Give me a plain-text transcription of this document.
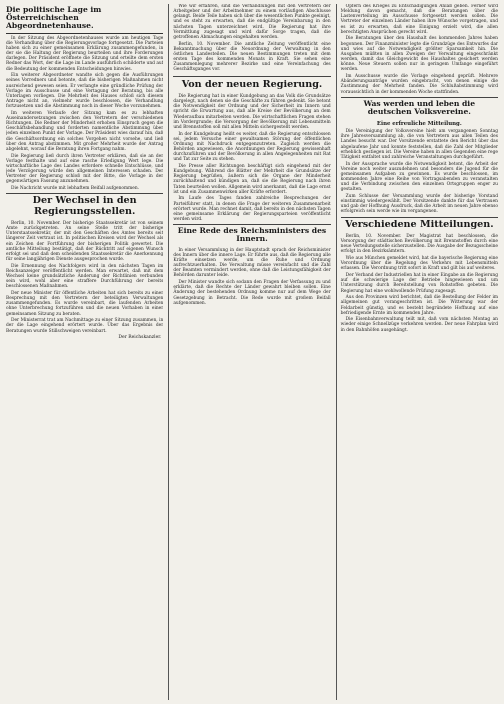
Die politische Lage im Österreichischen Abgeordnetenhause.

In der Sitzung des Abgeordnetenhauses wurde am heutigen Tage die Verhandlung über die Regierungsvorlage fortgesetzt. Die Parteien haben sich zu einer gemeinsamen Erklärung zusammengefunden, in der sie die Haltung der Regierung beurteilen und ihre Forderungen darlegen. Der Präsident eröffnete die Sitzung und erteilte dem ersten Redner das Wort, der die Lage im Lande ausführlich schilderte und auf die Bedeutung der kommenden Entscheidungen hinwies.

Ein weiterer Abgeordneter wandte sich gegen die Ausführungen seines Vorredners und betonte, daß die bisherigen Maßnahmen nicht ausreichend gewesen seien. Er verlangte eine gründliche Prüfung der Vorlage im Ausschusse und eine Vertagung der Beratung, bis alle Unterlagen vorliegen. Die Mehrheit des Hauses schloß sich diesem Antrage nicht an, vielmehr wurde beschlossen, die Verhandlung fortzusetzen und die Abstimmung noch in dieser Woche vorzunehmen.

Im weiteren Verlaufe der Sitzung kam es zu lebhaften Auseinandersetzungen zwischen den Vertretern der verschiedenen Richtungen. Die Redner der Minderheit erhoben Einspruch gegen die Geschäftsbehandlung und forderten namentliche Abstimmung über jeden einzelnen Punkt der Vorlage. Der Präsident wies darauf hin, daß die Geschäftsordnung ein solches Vorgehen nicht vorsehe, und ließ über den Antrag abstimmen. Mit großer Mehrheit wurde der Antrag abgelehnt, worauf die Beratung ihren Fortgang nahm.

Die Regierung ließ durch ihren Vertreter erklären, daß sie an der Vorlage festhalte und auf eine rasche Erledigung Wert lege. Die wirtschaftliche Lage des Landes erfordere schnelle Entschlüsse, und jede Verzögerung würde den allgemeinen Interessen schaden. Der Vertreter der Regierung schloß mit der Bitte, die Vorlage in der gegenwärtigen Fassung anzunehmen.

Die Nachricht wurde mit lebhaftem Beifall aufgenommen.

Der Wechsel in den Regierungsstellen.

Berlin, 10. November. Der bisherige Staatssekretär ist von seinem Amte zurückgetreten. An seine Stelle tritt der bisherige Unterstaatssekretär, der mit den Geschäften des Amtes bereits seit längerer Zeit vertraut ist. In politischen Kreisen wird der Wechsel als ein Zeichen der Fortführung der bisherigen Politik gewertet. Die amtliche Mitteilung bestätigt, daß der Rücktritt auf eigenen Wunsch erfolgt sei und daß dem scheidenden Staatssekretär die Anerkennung für seine langjährigen Dienste ausgesprochen wurde.

Die Ernennung des Nachfolgers wird in den nächsten Tagen im Reichsanzeiger veröffentlicht werden. Man erwartet, daß mit dem Wechsel keine grundsätzliche Änderung der Richtlinien verbunden sein wird, wohl aber eine straffere Durchführung der bereits beschlossenen Maßnahmen.

Der neue Minister für öffentliche Arbeiten hat sich bereits zu einer Besprechung mit den Vertretern der beteiligten Verwaltungen zusammengefunden. Es wurde vereinbart, die laufenden Arbeiten ohne Unterbrechung fortzuführen und die neuen Vorhaben in einer gemeinsamen Sitzung zu beraten.

Der Ministerrat trat am Nachmittage zu einer Sitzung zusammen, in der die Lage eingehend erörtert wurde. Über das Ergebnis der Beratungen wurde Stillschweigen vereinbart.

Der Reichskanzler.

Wie wir erfahren, sind die Verhandlungen mit den Vertretern der Arbeitgeber und der Arbeitnehmer zu einem vorläufigen Abschlusse gelangt. Beide Teile haben sich über die wesentlichen Punkte geeinigt, und es steht zu erwarten, daß die endgültige Vereinbarung in den nächsten Tagen unterzeichnet wird. Die Regierung hat ihre Vermittlung zugesagt und wird dafür Sorge tragen, daß die getroffenen Abmachungen eingehalten werden.

Berlin, 10. November. Die amtliche Zeitung veröffentlicht eine Bekanntmachung über die Neuordnung der Verwaltung in den östlichen Landesteilen. Die neuen Bestimmungen treten mit dem ersten Tage des kommenden Monats in Kraft. Sie sehen eine Zusammenlegung mehrerer Bezirke und eine Vereinfachung des Geschäftsganges vor.

Von der neuen Regierung.

Die Regierung hat in einer Kundgebung an das Volk die Grundsätze dargelegt, nach denen sie die Geschäfte zu führen gedenkt. Sie betont die Notwendigkeit der Ordnung und der Sicherheit im Innern und spricht die Erwartung aus, daß alle Kreise der Bevölkerung an dem Wiederaufbau mitarbeiten werden. Die wirtschaftlichen Fragen stehen im Vordergrunde; die Versorgung der Bevölkerung mit Lebensmitteln und Brennstoffen soll mit allen Mitteln sichergestellt werden.

In der Kundgebung heißt es weiter, daß die Regierung entschlossen sei, jedem Versuche einer gewaltsamen Störung der öffentlichen Ordnung mit Nachdruck entgegenzutreten. Zugleich werden die Behörden angewiesen, die Anordnungen der Regierung gewissenhaft durchzuführen und der Bevölkerung in allen Angelegenheiten mit Rat und Tat zur Seite zu stehen.

Die Presse aller Richtungen beschäftigt sich eingehend mit der Kundgebung. Während die Blätter der Mehrheit die Grundsätze der Regierung begrüßen, äußern sich die Organe der Minderheit zurückhaltend und kündigen an, daß sie die Regierung nach ihren Taten beurteilen wollen. Allgemein wird anerkannt, daß die Lage ernst ist und ein Zusammenwirken aller Kräfte erfordert.

Im Laufe des Tages fanden zahlreiche Besprechungen der Parteiführer statt, in denen die Frage der weiteren Zusammenarbeit erörtert wurde. Man rechnet damit, daß bereits in den nächsten Tagen eine gemeinsame Erklärung der Regierungsparteien veröffentlicht werden wird.

Eine Rede des Reichsministers des Innern.

In einer Versammlung in der Hauptstadt sprach der Reichsminister des Innern über die innere Lage. Er führte aus, daß die Regierung alle Kräfte einsetzen werde, um die Ruhe und Ordnung aufrechtzuerhalten. Die Verwaltung müsse vereinfacht und die Zahl der Beamten vermindert werden, ohne daß die Leistungsfähigkeit der Behörden darunter leide.

Der Minister wandte sich sodann den Fragen der Verfassung zu und erklärte, daß die Rechte der Länder gewahrt bleiben sollen. Eine Änderung der bestehenden Ordnung komme nur auf dem Wege der Gesetzgebung in Betracht. Die Rede wurde mit großem Beifall aufgenommen.

Opfern des Krieges zu Entschädigungen Anlaß geben. Ferner wird Meldung davon gemacht, daß die Beratungen über die Lastenverteilung im Ausschusse fortgesetzt werden sollen. Die Vertreter der einzelnen Länder haben ihre Wünsche vorgetragen, und es ist zu erwarten, daß eine Einigung erzielt wird, die allen berechtigten Ansprüchen gerecht wird.

Die Beratungen über den Haushalt des kommenden Jahres haben begonnen. Der Finanzminister legte die Grundzüge des Entwurfes dar und wies auf die Notwendigkeit größter Sparsamkeit hin. Die Ausgaben müßten in allen Zweigen der Verwaltung eingeschränkt werden, damit das Gleichgewicht des Haushaltes gesichert werden könne. Neue Steuern sollen nur in geringem Umfange eingeführt werden.

Im Ausschusse wurde die Vorlage eingehend geprüft. Mehrere Abänderungsanträge wurden eingebracht, von denen einige die Zustimmung der Mehrheit fanden. Die Schlußabstimmung wird voraussichtlich in der kommenden Woche stattfinden.

Was werden und leben die deutschen Volksvereine.
Eine erfreuliche Mitteilung.

Die Vereinigung der Volksvereine hielt am vergangenen Sonntag ihre Jahresversammlung ab, die von Vertretern aus allen Teilen des Landes besucht war. Der Vorsitzende erstattete den Bericht über das abgelaufene Jahr und konnte feststellen, daß die Zahl der Mitglieder erheblich gestiegen ist. Die Vereine haben in allen Gegenden eine rege Tätigkeit entfaltet und zahlreiche Veranstaltungen durchgeführt.

In der Aussprache wurde die Notwendigkeit betont, die Arbeit der Vereine noch weiter auszudehnen und besonders die Jugend für die gemeinsamen Aufgaben zu gewinnen. Es wurde beschlossen, im kommenden Jahre eine Reihe von Vortragsabenden zu veranstalten und die Verbindung zwischen den einzelnen Ortsgruppen enger zu gestalten.

Zum Schlusse der Versammlung wurde der bisherige Vorstand einstimmig wiedergewählt. Der Vorsitzende dankte für das Vertrauen und gab der Hoffnung Ausdruck, daß die Arbeit im neuen Jahre ebenso erfolgreich sein werde wie im vergangenen.

Verschiedene Mitteilungen.

Berlin, 10. November. Der Magistrat hat beschlossen, die Versorgung der städtischen Bevölkerung mit Brennstoffen durch eine neue Verteilungsstelle sicherzustellen. Die Ausgabe der Bezugsscheine erfolgt in den Bezirksämtern.

Wie aus München gemeldet wird, hat die bayerische Regierung eine Verordnung über die Regelung des Verkehrs mit Lebensmitteln erlassen. Die Verordnung tritt sofort in Kraft und gilt bis auf weiteres.

Der Verband der Industriellen hat in einer Eingabe an die Regierung auf die schwierige Lage der Betriebe hingewiesen und um Unterstützung durch Bereitstellung von Rohstoffen gebeten. Die Regierung hat eine wohlwollende Prüfung zugesagt.

Aus den Provinzen wird berichtet, daß die Bestellung der Felder im allgemeinen gut vorangeschritten ist. Die Witterung war der Feldarbeit günstig, und es besteht begründete Hoffnung auf eine befriedigende Ernte im kommenden Jahre.

Die Eisenbahnverwaltung teilt mit, daß vom nächsten Montag an wieder einige Schnellzüge verkehren werden. Der neue Fahrplan wird in den Bahnhöfen ausgehängt.
